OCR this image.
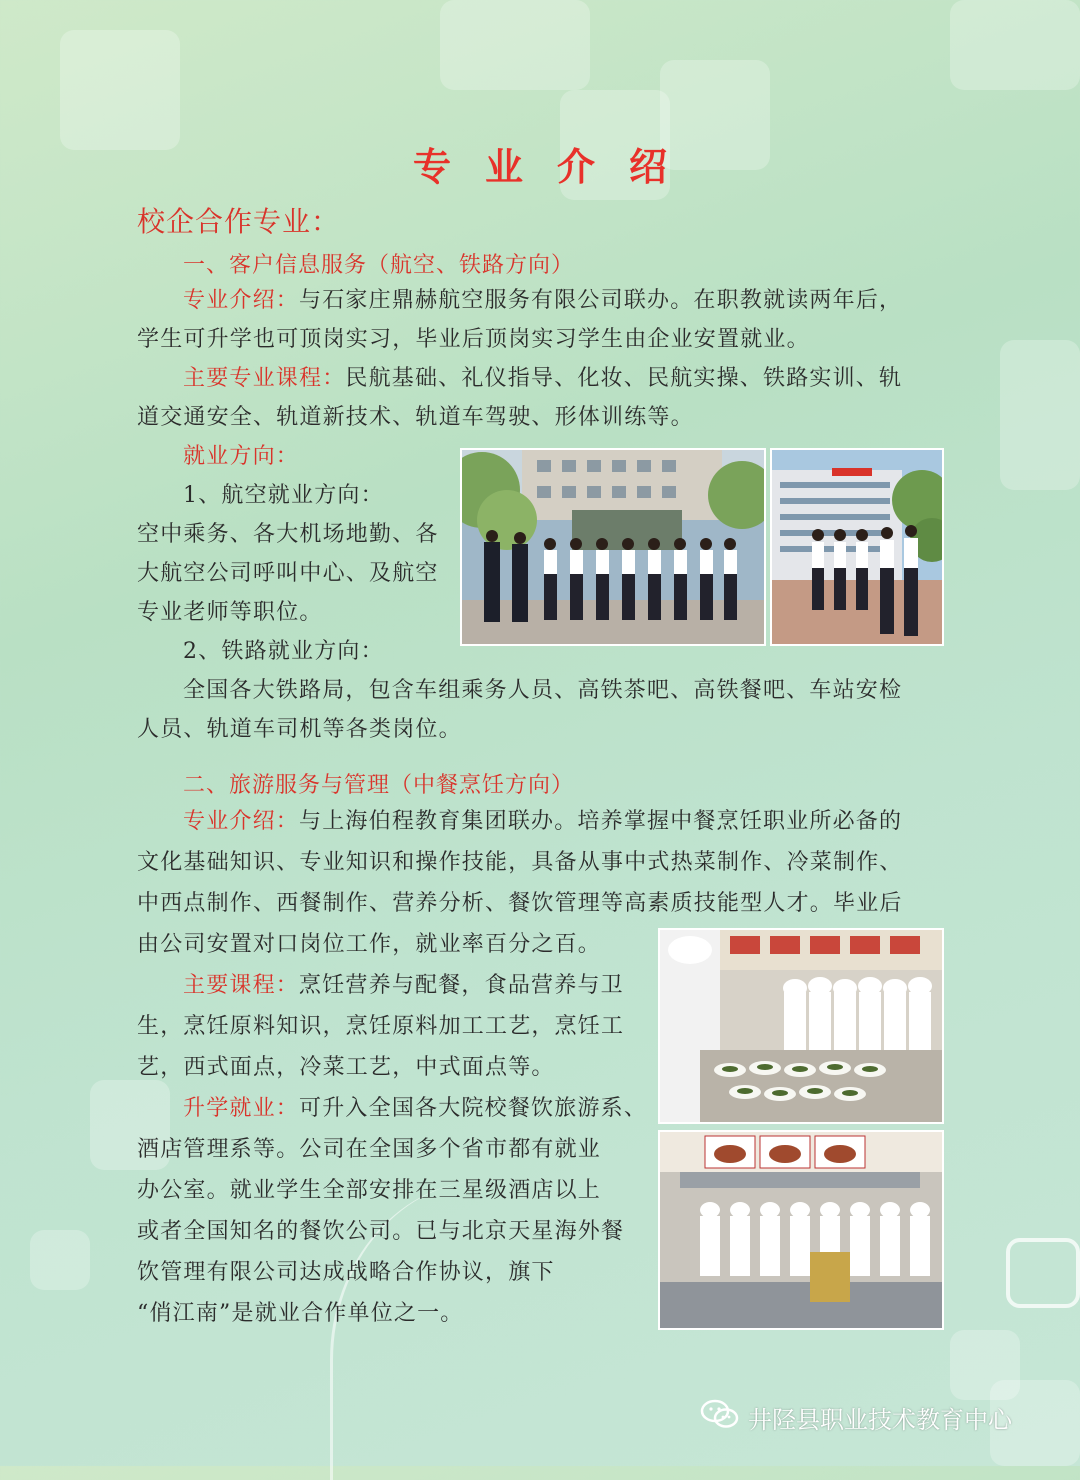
专业介绍
校企合作专业：
一、客户信息服务（航空、铁路方向）
专业介绍：与石家庄鼎赫航空服务有限公司联办。在职教就读两年后，
学生可升学也可顶岗实习，毕业后顶岗实习学生由企业安置就业。
主要专业课程：民航基础、礼仪指导、化妆、民航实操、铁路实训、轨
道交通安全、轨道新技术、轨道车驾驶、形体训练等。
就业方向：
1、航空就业方向：
空中乘务、各大机场地勤、各
大航空公司呼叫中心、及航空
专业老师等职位。
2、铁路就业方向：
全国各大铁路局，包含车组乘务人员、高铁茶吧、高铁餐吧、车站安检
人员、轨道车司机等各类岗位。
二、旅游服务与管理（中餐烹饪方向）
专业介绍：与上海伯程教育集团联办。培养掌握中餐烹饪职业所必备的
文化基础知识、专业知识和操作技能，具备从事中式热菜制作、冷菜制作、
中西点制作、西餐制作、营养分析、餐饮管理等高素质技能型人才。毕业后
由公司安置对口岗位工作，就业率百分之百。
主要课程：烹饪营养与配餐，食品营养与卫
生，烹饪原料知识，烹饪原料加工工艺，烹饪工
艺，西式面点，冷菜工艺，中式面点等。
升学就业：可升入全国各大院校餐饮旅游系、
酒店管理系等。公司在全国多个省市都有就业
办公室。就业学生全部安排在三星级酒店以上
或者全国知名的餐饮公司。已与北京天星海外餐
饮管理有限公司达成战略合作协议，旗下
“俏江南”是就业合作单位之一。
井陉县职业技术教育中心
